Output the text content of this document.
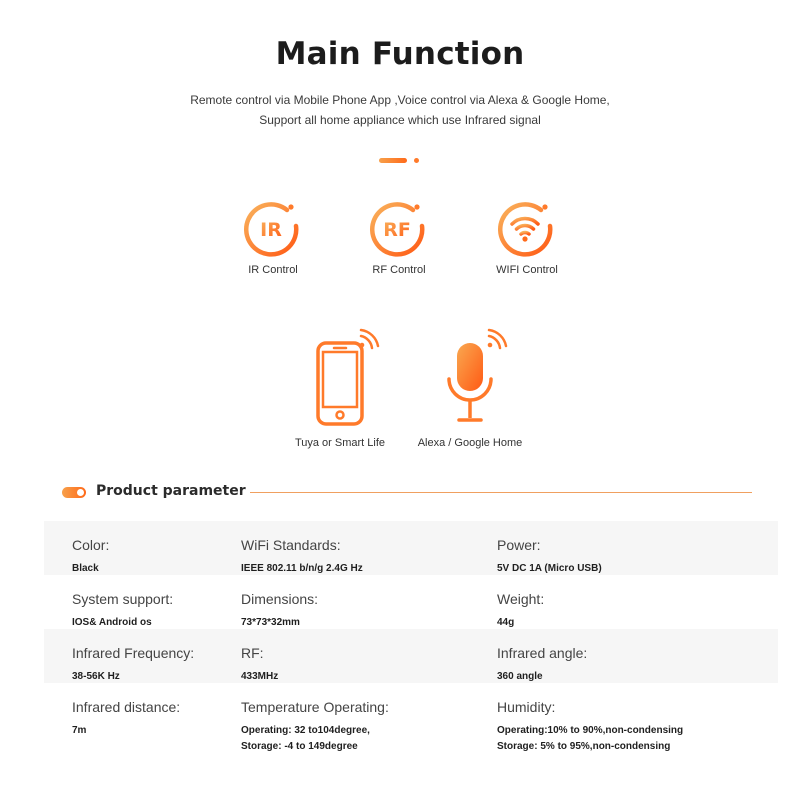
Main Function
Remote control via Mobile Phone App ,Voice control via Alexa & Google Home,
Support all home appliance which use Infrared signal
IR
IR Control
RF
RF Control	WIFI Control
Tuya or Smart Life	Alexa / Google Home
Product parameter
Color:
Black
WiFi Standards:
IEEE 802.11 b/n/g 2.4G Hz
Power:
5V DC 1A (Micro USB)
System support:
IOS& Android os
Dimensions:
73*73*32mm
Weight:
44g
Infrared Frequency:
38-56K Hz
RF:
433MHz
Infrared angle:
360 angle
Infrared distance:
7m
Temperature Operating:
Operating: 32 to104degree,
Storage: -4 to 149degree
Humidity:
Operating:10% to 90%,non-condensing
Storage: 5% to 95%,non-condensing
